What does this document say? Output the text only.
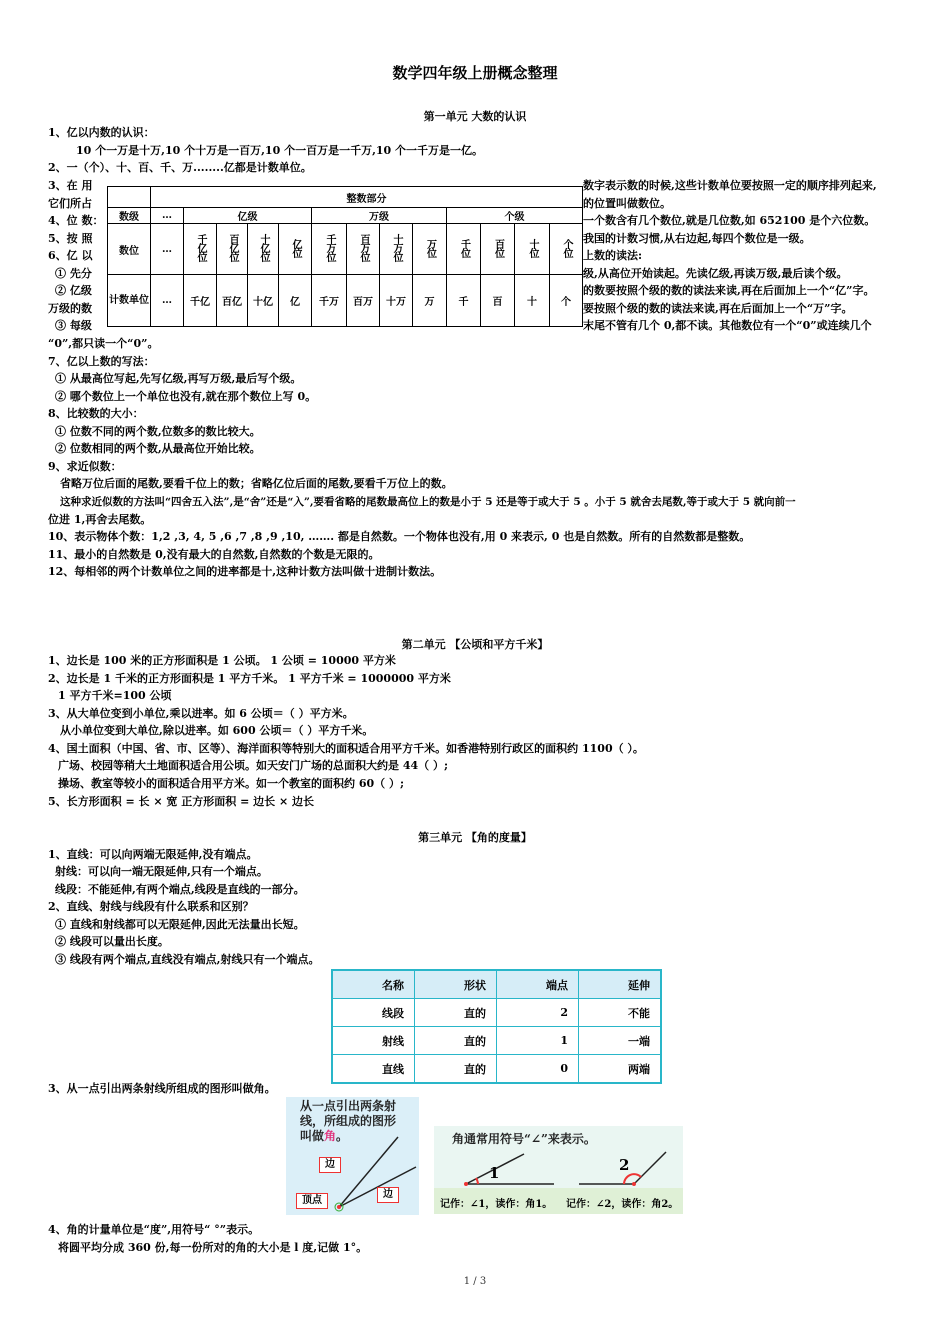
数学四年级上册概念整理
第一单元 大数的认识
1、亿以内数的认识：
10 个一万是十万,10 个十万是一百万,10 个一百万是一千万,10 个一千万是一亿。
2、一（个）、十、百、千、万........亿都是计数单位。
3、在 用
它们所占
4、位 数：
5、按 照
6、亿 以
① 先分
② 亿级
万级的数
③ 每级
数字表示数的时候,这些计数单位要按照一定的顺序排列起来,
的位置叫做数位。
一个数含有几个数位,就是几位数,如 652100 是个六位数。
我国的计数习惯,从右边起,每四个数位是一级。
上数的读法:
级,从高位开始读起。先读亿级,再读万级,最后读个级。
的数要按照个级的数的读法来读,再在后面加上一个“亿”字。
要按照个级的数的读法来读,再在后面加上一个“万”字。
末尾不管有几个 0,都不读。其他数位有一个“0”或连续几个
	整数部分												
数级	…	亿级				万级				个级			
数位	…	千亿位	百亿位	十亿位	亿位	千万位	百万位	十万位	万位	千位	百位	十位	个位
计数单位	…	千亿	百亿	十亿	亿	千万	百万	十万	万	千	百	十	个
“0”,都只读一个“0”。
7、亿以上数的写法：
① 从最高位写起,先写亿级,再写万级,最后写个级。
② 哪个数位上一个单位也没有,就在那个数位上写 0。
8、比较数的大小：
① 位数不同的两个数,位数多的数比较大。
② 位数相同的两个数,从最高位开始比较。
9、求近似数：
省略万位后面的尾数,要看千位上的数；省略亿位后面的尾数,要看千万位上的数。
这种求近似数的方法叫“四舍五入法”,是“舍”还是“入”,要看省略的尾数最高位上的数是小于 5 还是等于或大于 5 。小于 5 就舍去尾数,等于或大于 5 就向前一
位进 1,再舍去尾数。
10、表示物体个数：1,2 ,3, 4, 5 ,6 ,7 ,8 ,9 ,10, ……. 都是自然数。一个物体也没有,用 0 来表示, 0 也是自然数。所有的自然数都是整数。
11、最小的自然数是 0,没有最大的自然数,自然数的个数是无限的。
12、每相邻的两个计数单位之间的进率都是十,这种计数方法叫做十进制计数法。
第二单元 【公顷和平方千米】
1、边长是 100 米的正方形面积是 1 公顷。 1 公顷 = 10000 平方米
2、边长是 1 千米的正方形面积是 1 平方千米。 1 平方千米 = 1000000 平方米
1 平方千米=100 公顷
3、从大单位变到小单位,乘以进率。如 6 公顷＝（ ）平方米。
从小单位变到大单位,除以进率。如 600 公顷＝（ ）平方千米。
4、国土面积（中国、省、市、区等）、海洋面积等特别大的面积适合用平方千米。如香港特别行政区的面积约 1100（ ）。
广场、校园等稍大土地面积适合用公顷。如天安门广场的总面积大约是 44（ ）;
操场、教室等较小的面积适合用平方米。如一个教室的面积约 60（ ）;
5、长方形面积 = 长 × 宽 正方形面积 = 边长 × 边长
第三单元 【角的度量】
1、直线：可以向两端无限延伸,没有端点。
射线：可以向一端无限延伸,只有一个端点。
线段：不能延伸,有两个端点,线段是直线的一部分。
2、直线、射线与线段有什么联系和区别？
① 直线和射线都可以无限延伸,因此无法量出长短。
② 线段可以量出长度。
③ 线段有两个端点,直线没有端点,射线只有一个端点。
名称	形状	端点	延伸
线段	直的	2	不能
射线	直的	1	一端
直线	直的	0	两端
3、从一点引出两条射线所组成的图形叫做角。
从一点引出两条射
线，所组成的图形
叫做角。
边
边
顶点
角通常用符号“∠”来表示。
1	2
记作：∠1，读作：角1。 记作：∠2，读作：角2。
4、角的计量单位是“度”,用符号“ °”表示。
将圆平均分成 360 份,每一份所对的角的大小是 l 度,记做 1°。
1 / 3
